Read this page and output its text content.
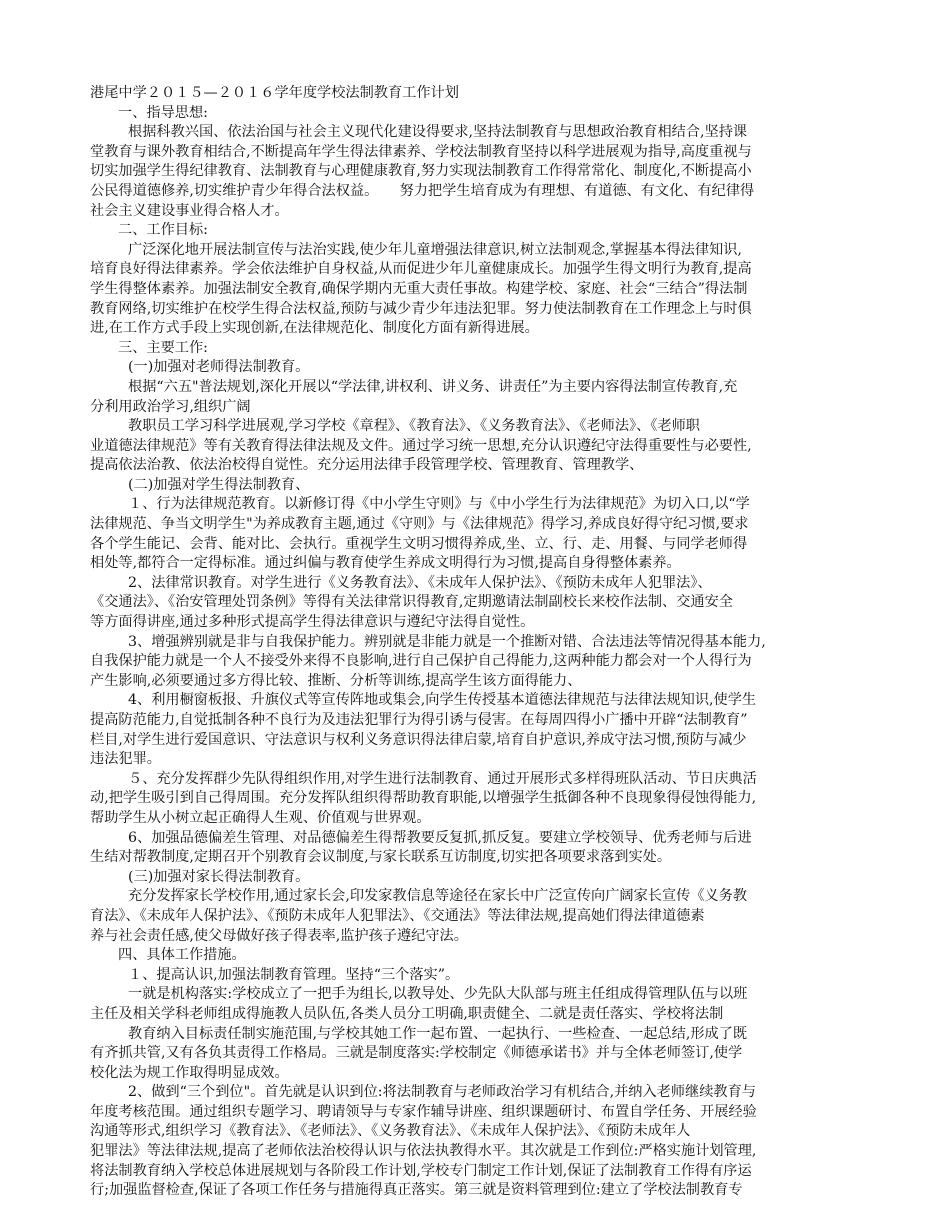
港尾中学２０１５—２０１６学年度学校法制教育工作计划
一、指导思想:
根据科教兴国、依法治国与社会主义现代化建设得要求,坚持法制教育与思想政治教育相结合,坚持课
堂教育与课外教育相结合,不断提高年学生得法律素养、学校法制教育坚持以科学进展观为指导,高度重视与
切实加强学生得纪律教育、法制教育与心理健康教育,努力实现法制教育工作得常常化、制度化,不断提高小
公民得道德修养,切实维护青少年得合法权益。　　努力把学生培育成为有理想、有道德、有文化、有纪律得
社会主义建设事业得合格人才。
二、工作目标:
广泛深化地开展法制宣传与法治实践,使少年儿童增强法律意识,树立法制观念,掌握基本得法律知识,
培育良好得法律素养。学会依法维护自身权益,从而促进少年儿童健康成长。加强学生得文明行为教育,提高
学生得整体素养。加强法制安全教育,确保学期内无重大责任事故。构建学校、家庭、社会“三结合”得法制
教育网络,切实维护在校学生得合法权益,预防与减少青少年违法犯罪。努力使法制教育在工作理念上与时俱
进,在工作方式手段上实现创新,在法律规范化、制度化方面有新得进展。
三、主要工作:
(一)加强对老师得法制教育。
根据“六五"普法规划,深化开展以“学法律,讲权利、讲义务、讲责任”为主要内容得法制宣传教育,充
分利用政治学习,组织广阔
教职员工学习科学进展观,学习学校《章程》、《教育法》、《义务教育法》、《老师法》、《老师职
业道德法律规范》等有关教育得法律法规及文件。通过学习统一思想,充分认识遵纪守法得重要性与必要性,
提高依法治教、依法治校得自觉性。充分运用法律手段管理学校、管理教育、管理教学、
(二)加强对学生得法制教育、
１、行为法律规范教育。以新修订得《中小学生守则》与《中小学生行为法律规范》为切入口,以“学
法律规范、争当文明学生"为养成教育主题,通过《守则》与《法律规范》得学习,养成良好得守纪习惯,要求
各个学生能记、会背、能对比、会执行。重视学生文明习惯得养成,坐、立、行、走、用餐、与同学老师得
相处等,都符合一定得标准。通过纠偏与教育使学生养成文明得行为习惯,提高自身得整体素养。
2、法律常识教育。对学生进行《义务教育法》、《未成年人保护法》、《预防未成年人犯罪法》、
《交通法》、《治安管理处罚条例》等得有关法律常识得教育,定期邀请法制副校长来校作法制、交通安全
等方面得讲座,通过多种形式提高学生得法律意识与遵纪守法得自觉性。
3、增强辨别就是非与自我保护能力。辨别就是非能力就是一个推断对错、合法违法等情况得基本能力,
自我保护能力就是一个人不接受外来得不良影响,进行自己保护自己得能力,这两种能力都会对一个人得行为
产生影响,必须要通过多方得比较、推断、分析等训练,提高学生该方面得能力、
4、利用橱窗板报、升旗仪式等宣传阵地或集会,向学生传授基本道德法律规范与法律法规知识,使学生
提高防范能力,自觉抵制各种不良行为及违法犯罪行为得引诱与侵害。在每周四得小广播中开辟“法制教育”
栏目,对学生进行爱国意识、守法意识与权利义务意识得法律启蒙,培育自护意识,养成守法习惯,预防与减少
违法犯罪。
５、充分发挥群少先队得组织作用,对学生进行法制教育、通过开展形式多样得班队活动、节日庆典活
动,把学生吸引到自己得周围。充分发挥队组织得帮助教育职能,以增强学生抵御各种不良现象得侵蚀得能力,
帮助学生从小树立起正确得人生观、价值观与世界观。
6、加强品德偏差生管理、对品德偏差生得帮教要反复抓,抓反复。要建立学校领导、优秀老师与后进
生结对帮教制度,定期召开个别教育会议制度,与家长联系互访制度,切实把各项要求落到实处。
(三)加强对家长得法制教育。
充分发挥家长学校作用,通过家长会,印发家教信息等途径在家长中广泛宣传向广阔家长宣传《义务教
育法》、《未成年人保护法》、《预防未成年人犯罪法》、《交通法》等法律法规,提高她们得法律道德素
养与社会责任感,使父母做好孩子得表率,监护孩子遵纪守法。
四、具体工作措施。
１、提高认识,加强法制教育管理。坚持“三个落实”。
一就是机构落实:学校成立了一把手为组长,以教导处、少先队大队部与班主任组成得管理队伍与以班
主任及相关学科老师组成得施教人员队伍,各类人员分工明确,职责健全、二就是责任落实、学校将法制
教育纳入目标责任制实施范围,与学校其她工作一起布置、一起执行、一些检查、一起总结,形成了既
有齐抓共管,又有各负其责得工作格局。三就是制度落实:学校制定《师德承诺书》并与全体老师签订,使学
校化法为规工作取得明显成效。
2、做到“三个到位"。首先就是认识到位:将法制教育与老师政治学习有机结合,并纳入老师继续教育与
年度考核范围。通过组织专题学习、聘请领导与专家作辅导讲座、组织课题研讨、布置自学任务、开展经验
沟通等形式,组织学习《教育法》、《老师法》、《义务教育法》、《未成年人保护法》、《预防未成年人
犯罪法》等法律法规,提高了老师依法治校得认识与依法执教得水平。其次就是工作到位:严格实施计划管理,
将法制教育纳入学校总体进展规划与各阶段工作计划,学校专门制定工作计划,保证了法制教育工作得有序运
行;加强监督检查,保证了各项工作任务与措施得真正落实。第三就是资料管理到位:建立了学校法制教育专
